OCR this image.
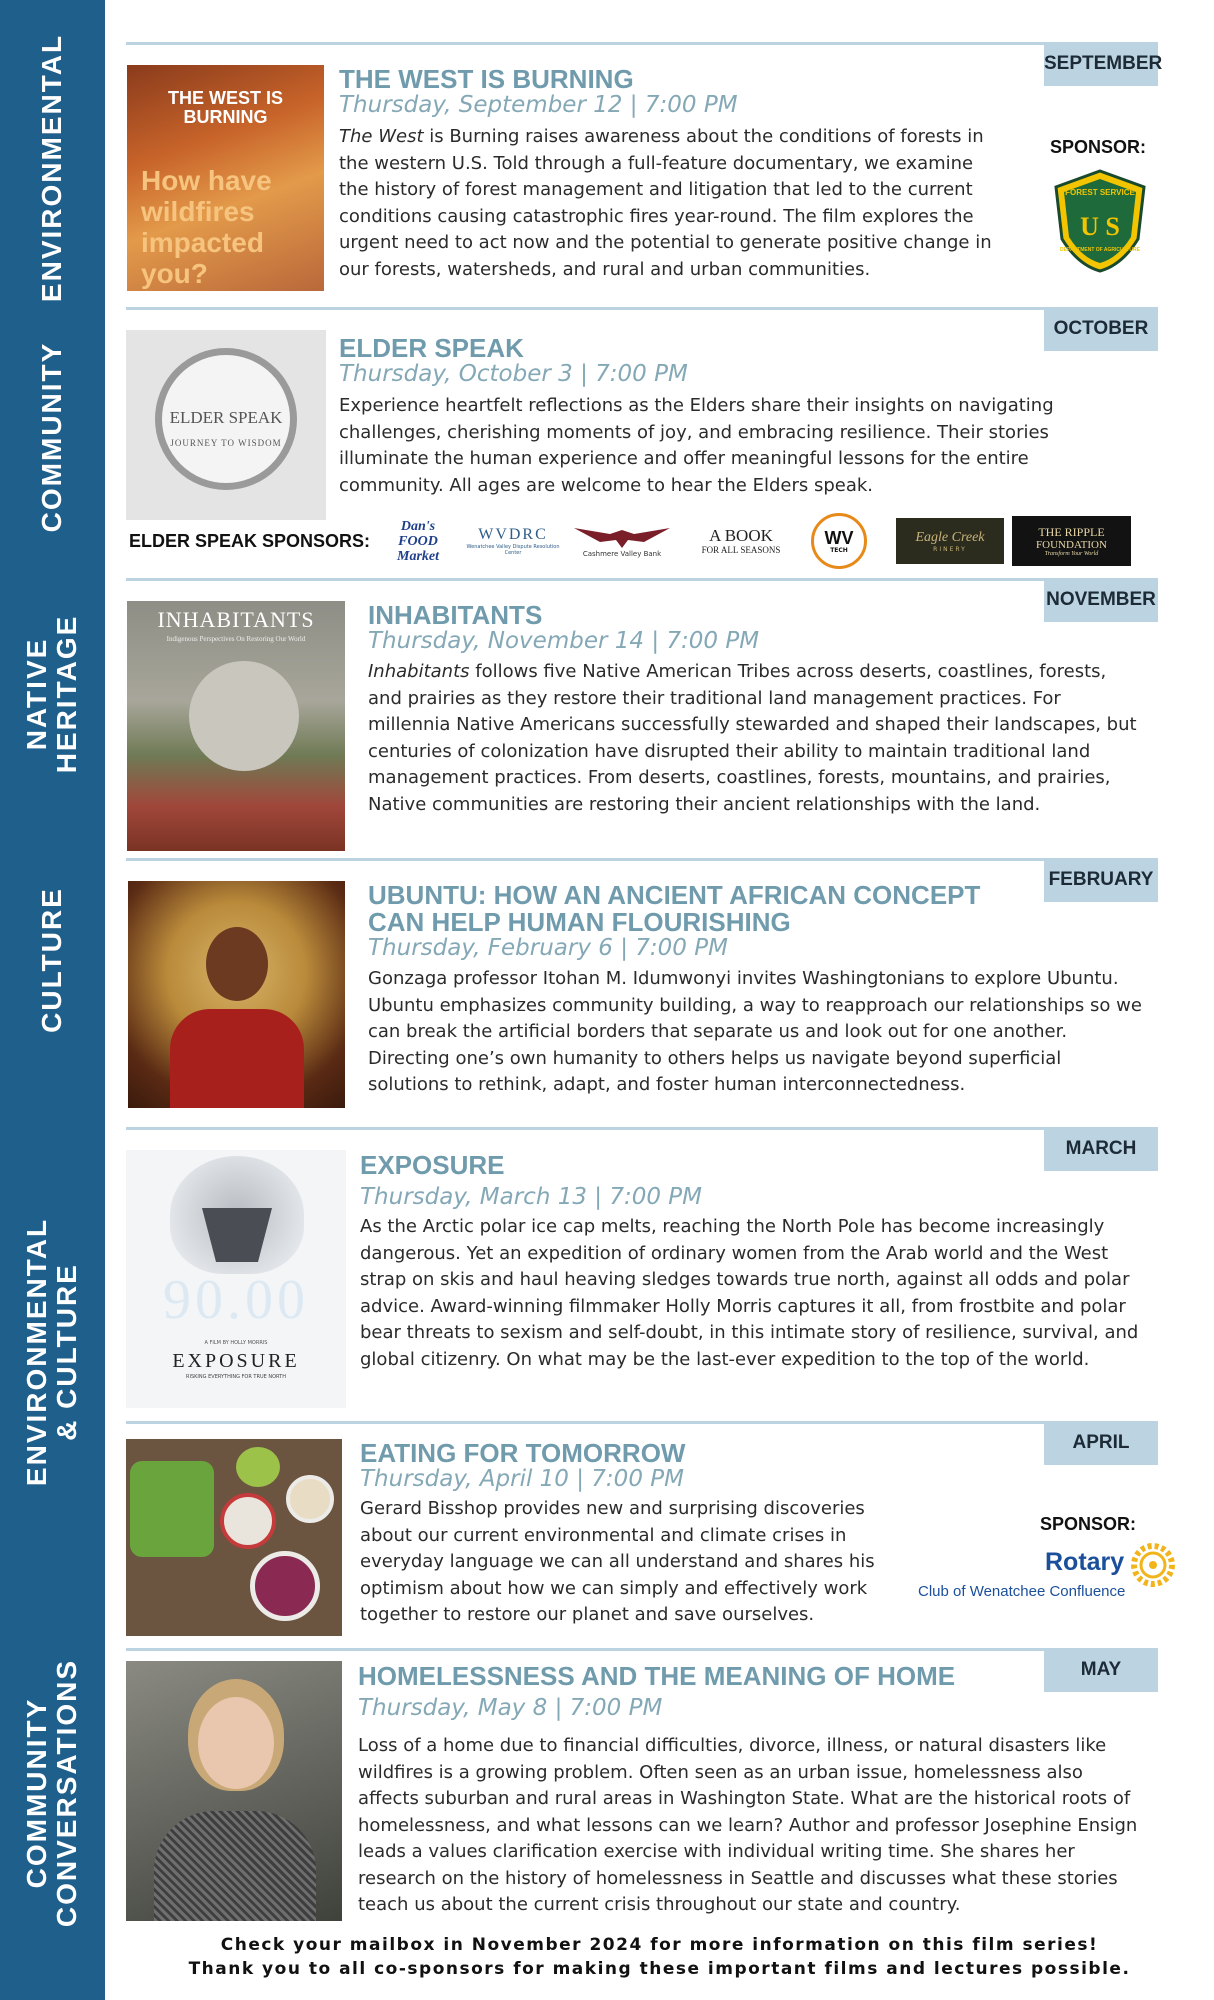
ENVIRONMENTAL
COMMUNITY
NATIVE HERITAGE
CULTURE
ENVIRONMENTAL & CULTURE
COMMUNITY CONVERSATIONS
SEPTEMBER
THE WEST IS BURNING
How have wildfires impacted you?
THE WEST IS BURNING
Thursday, September 12 | 7:00 PM
The West is Burning raises awareness about the conditions of forests in the western U.S. Told through a full-feature documentary, we examine the history of forest management and litigation that led to the current conditions causing catastrophic fires year-round. The film explores the urgent need to act now and the potential to generate positive change in our forests, watersheds, and rural and urban communities.
SPONSOR:
FOREST SERVICE
U S
DEPARTMENT OF AGRICULTURE
OCTOBER
ELDER SPEAK
JOURNEY TO WISDOM
ELDER SPEAK
Thursday, October 3 | 7:00 PM
Experience heartfelt reflections as the Elders share their insights on navigating challenges, cherishing moments of joy, and embracing resilience. Their stories illuminate the human experience and offer meaningful lessons for the entire community. All ages are welcome to hear the Elders speak.
ELDER SPEAK SPONSORS:
Dan's FOOD Market
WVDRC
Wenatchee Valley Dispute Resolution Center	Cashmere Valley Bank
A BOOK
FOR ALL SEASONS
WV
TECH
Eagle Creek
RINERY
THE RIPPLE
FOUNDATION
Transform Your World
NOVEMBER
INHABITANTS
Indigenous Perspectives On Restoring Our World
INHABITANTS
Thursday, November 14 | 7:00 PM
Inhabitants follows five Native American Tribes across deserts, coastlines, forests, and prairies as they restore their traditional land management practices. For millennia Native Americans successfully stewarded and shaped their landscapes, but centuries of colonization have disrupted their ability to maintain traditional land management practices. From deserts, coastlines, forests, mountains, and prairies, Native communities are restoring their ancient relationships with the land.
FEBRUARY
UBUNTU: HOW AN ANCIENT AFRICAN CONCEPT
CAN HELP HUMAN FLOURISHING
Thursday, February 6 | 7:00 PM
Gonzaga professor Itohan M. Idumwonyi invites Washingtonians to explore Ubuntu. Ubuntu emphasizes community building, a way to reapproach our relationships so we can break the artificial borders that separate us and look out for one another. Directing one’s own humanity to others helps us navigate beyond superficial solutions to rethink, adapt, and foster human interconnectedness.
MARCH
90.00
A FILM BY HOLLY MORRIS
EXPOSURE
RISKING EVERYTHING FOR TRUE NORTH
EXPOSURE
Thursday, March 13 | 7:00 PM
As the Arctic polar ice cap melts, reaching the North Pole has become increasingly dangerous. Yet an expedition of ordinary women from the Arab world and the West strap on skis and haul heaving sledges towards true north, against all odds and polar advice. Award-winning filmmaker Holly Morris captures it all, from frostbite and polar bear threats to sexism and self-doubt, in this intimate story of resilience, survival, and global citizenry. On what may be the last-ever expedition to the top of the world.
APRIL
EATING FOR TOMORROW
Thursday, April 10 | 7:00 PM
Gerard Bisshop provides new and surprising discoveries about our current environmental and climate crises in everyday language we can all understand and shares his optimism about how we can simply and effectively work together to restore our planet and save ourselves.
SPONSOR:
Rotary
Club of Wenatchee Confluence
MAY
HOMELESSNESS AND THE MEANING OF HOME
Thursday, May 8 | 7:00 PM
Loss of a home due to financial difficulties, divorce, illness, or natural disasters like wildfires is a growing problem. Often seen as an urban issue, homelessness also affects suburban and rural areas in Washington State. What are the historical roots of homelessness, and what lessons can we learn? Author and professor Josephine Ensign leads a values clarification exercise with individual writing time. She shares her research on the history of homelessness in Seattle and discusses what these stories teach us about the current crisis throughout our state and country.
Check your mailbox in November 2024 for more information on this film series!
Thank you to all co-sponsors for making these important films and lectures possible.
